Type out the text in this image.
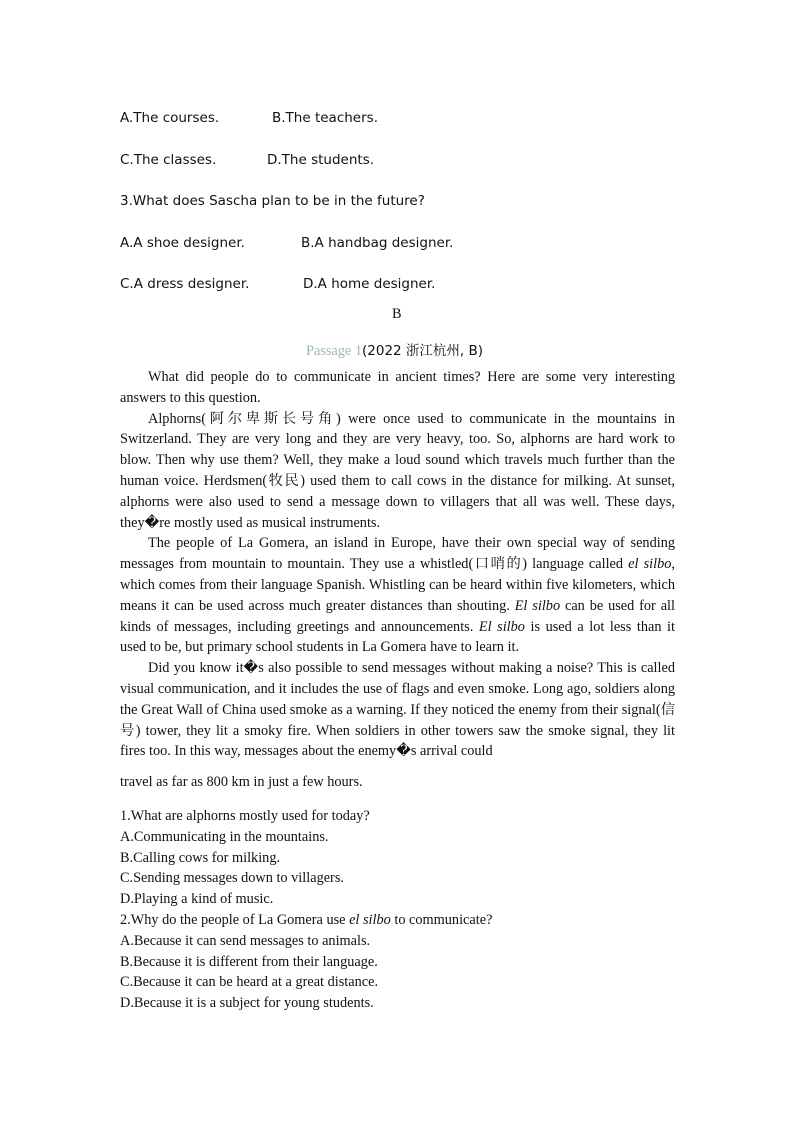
A.The courses.	B.The teachers.
C.The classes.	D.The students.
3.What does Sascha plan to be in the future?
A.A shoe designer.	B.A handbag designer.
C.A dress designer.	D.A home designer.
B
Passage 1(2022 浙江杭州, B)

What did people do to communicate in ancient times? Here are some very interesting answers to this question.

Alphorns(阿尔卑斯长号角) were once used to communicate in the mountains in Switzerland. They are very long and they are very heavy, too. So, alphorns are hard work to blow. Then why use them? Well, they make a loud sound which travels much further than the human voice. Herdsmen(牧民) used them to call cows in the distance for milking. At sunset, alphorns were also used to send a message down to villagers that all was well. These days, they�re mostly used as musical instruments.

The people of La Gomera, an island in Europe, have their own special way of sending messages from mountain to mountain. They use a whistled(口哨的) language called el silbo, which comes from their language Spanish. Whistling can be heard within five kilometers, which means it can be used across much greater distances than shouting. El silbo can be used for all kinds of messages, including greetings and announcements. El silbo is used a lot less than it used to be, but primary school students in La Gomera have to learn it.

Did you know it�s also possible to send messages without making a noise? This is called visual communication, and it includes the use of flags and even smoke. Long ago, soldiers along the Great Wall of China used smoke as a warning. If they noticed the enemy from their signal(信号) tower, they lit a smoky fire. When soldiers in other towers saw the smoke signal, they lit fires too. In this way, messages about the enemy�s arrival could

travel as far as 800 km in just a few hours.
1.What are alphorns mostly used for today?
A.Communicating in the mountains.
B.Calling cows for milking.
C.Sending messages down to villagers.
D.Playing a kind of music.
2.Why do the people of La Gomera use el silbo to communicate?
A.Because it can send messages to animals.
B.Because it is different from their language.
C.Because it can be heard at a great distance.
D.Because it is a subject for young students.
